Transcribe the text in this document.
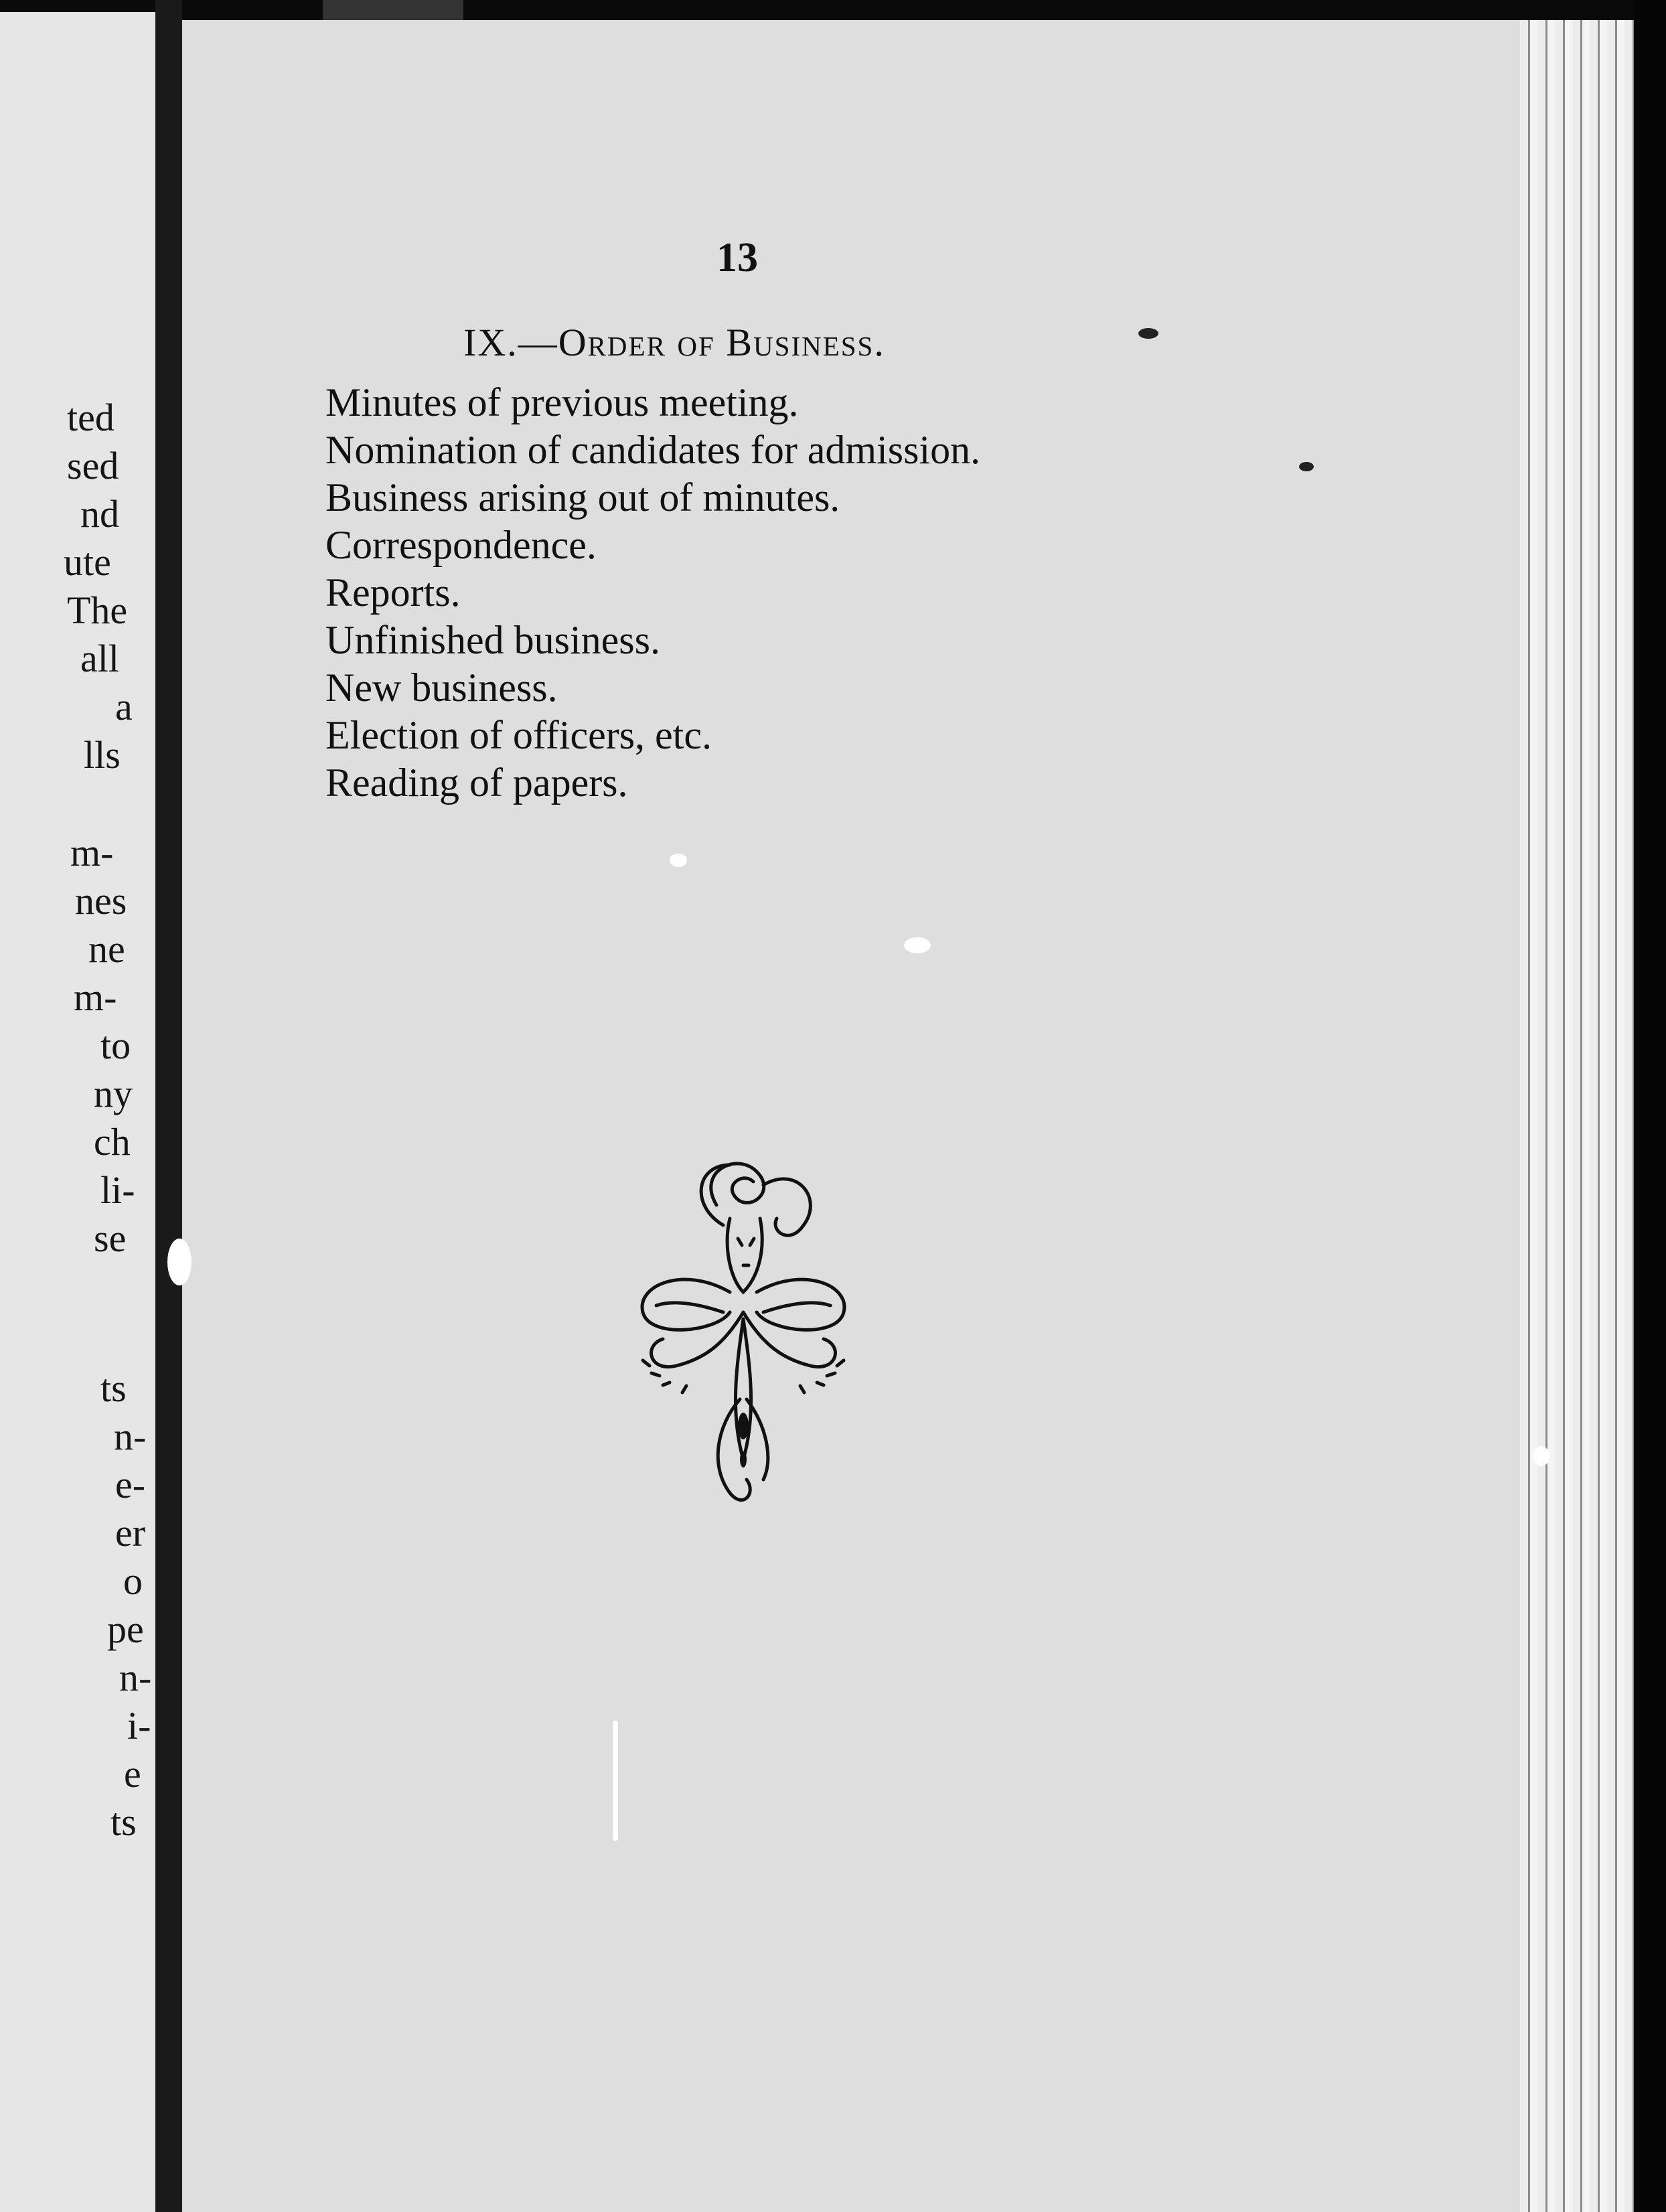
ted
sed
nd
ute
The
all
a
lls
m-
nes
ne
m-
to
ny
ch
li-
se
ts
n-
e-
er
o
pe
n-
i-
e
ts
13
IX.—Order of Business.
Minutes of previous meeting.
Nomination of candidates for admission.
Business arising out of minutes.
Correspondence.
Reports.
Unfinished business.
New business.
Election of officers, etc.
Reading of papers.
